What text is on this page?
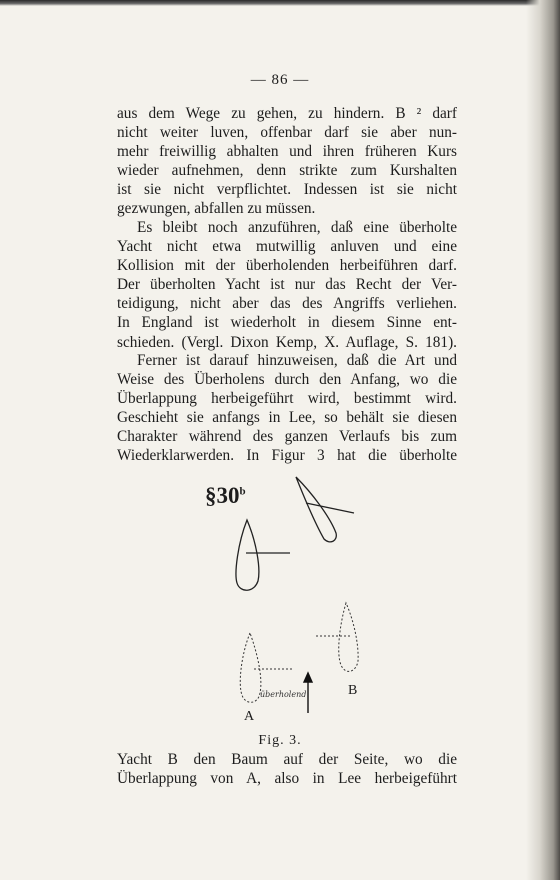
— 86 —
aus dem Wege zu gehen, zu hindern. B ² darf
nicht weiter luven, offenbar darf sie aber nun-
mehr freiwillig abhalten und ihren früheren Kurs
wieder aufnehmen, denn strikte zum Kurshalten
ist sie nicht verpflichtet. Indessen ist sie nicht
gezwungen, abfallen zu müssen.
Es bleibt noch anzuführen, daß eine überholte
Yacht nicht etwa mutwillig anluven und eine
Kollision mit der überholenden herbeiführen darf.
Der überholten Yacht ist nur das Recht der Ver-
teidigung, nicht aber das des Angriffs verliehen.
In England ist wiederholt in diesem Sinne ent-
schieden. (Vergl. Dixon Kemp, X. Auflage, S. 181).
Ferner ist darauf hinzuweisen, daß die Art und
Weise des Überholens durch den Anfang, wo die
Überlappung herbeigeführt wird, bestimmt wird.
Geschieht sie anfangs in Lee, so behält sie diesen
Charakter während des ganzen Verlaufs bis zum
Wiederklarwerden. In Figur 3 hat die überholte
§30$^b$
überholend
A
B
Fig. 3.
Yacht B den Baum auf der Seite, wo die
Überlappung von A, also in Lee herbeigeführt
